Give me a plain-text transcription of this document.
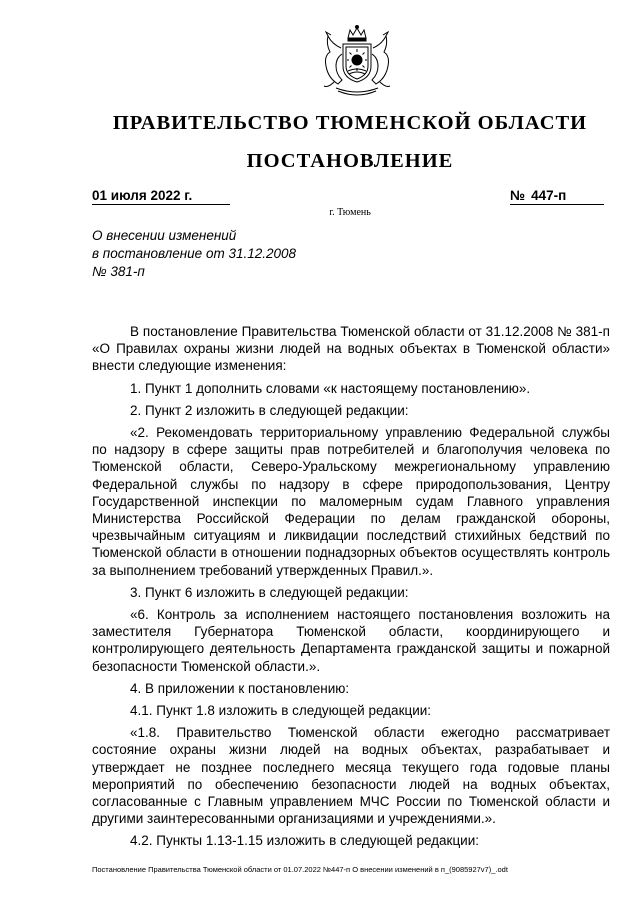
ПРАВИТЕЛЬСТВО ТЮМЕНСКОЙ ОБЛАСТИ
ПОСТАНОВЛЕНИЕ
01 июля 2022 г.	№ 447-п
г. Тюмень
О внесении изменений
в постановление от 31.12.2008
№ 381-п

В постановление Правительства Тюменской области от 31.12.2008 № 381-п «О Правилах охраны жизни людей на водных объектах в Тюменской области» внести следующие изменения:

1. Пункт 1 дополнить словами «к настоящему постановлению».

2. Пункт 2 изложить в следующей редакции:

«2. Рекомендовать территориальному управлению Федеральной службы по надзору в сфере защиты прав потребителей и благополучия человека по Тюменской области, Северо-Уральскому межрегиональному управлению Федеральной службы по надзору в сфере природопользования, Центру Государственной инспекции по маломерным судам Главного управления Министерства Российской Федерации по делам гражданской обороны, чрезвычайным ситуациям и ликвидации последствий стихийных бедствий по Тюменской области в отношении поднадзорных объектов осуществлять контроль за выполнением требований утвержденных Правил.».

3. Пункт 6 изложить в следующей редакции:

«6. Контроль за исполнением настоящего постановления возложить на заместителя Губернатора Тюменской области, координирующего и контролирующего деятельность Департамента гражданской защиты и пожарной безопасности Тюменской области.».

4. В приложении к постановлению:

4.1. Пункт 1.8 изложить в следующей редакции:

«1.8. Правительство Тюменской области ежегодно рассматривает состояние охраны жизни людей на водных объектах, разрабатывает и утверждает не позднее последнего месяца текущего года годовые планы мероприятий по обеспечению безопасности людей на водных объектах, согласованные с Главным управлением МЧС России по Тюменской области и другими заинтересованными организациями и учреждениями.».

4.2. Пункты 1.13-1.15 изложить в следующей редакции:

Постановление Правительства Тюменской области от 01.07.2022 №447-п О внесении изменений в п_(9085927v7)_.odt
